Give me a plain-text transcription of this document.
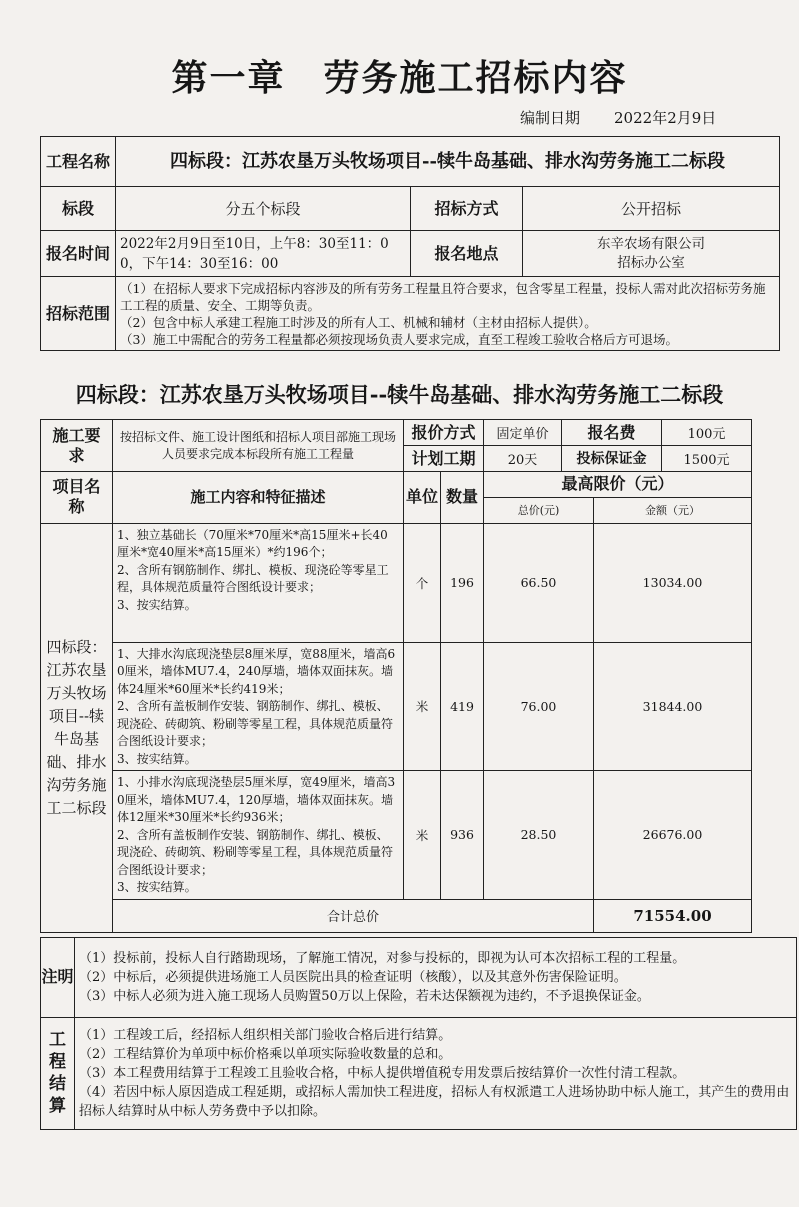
第一章　劳务施工招标内容
编制日期 2022年2月9日
工程名称	四标段：江苏农垦万头牧场项目--犊牛岛基础、排水沟劳务施工二标段		
标段	分五个标段	招标方式	公开招标
报名时间	2022年2月9日至10日，上午8：30至11：00，下午14：30至16：00	报名地点	东辛农场有限公司
招标办公室

招标范围	（1）在招标人要求下完成招标内容涉及的所有劳务工程量且符合要求，包含零星工程量，投标人需对此次招标劳务施工工程的质量、安全、工期等负责。
（2）包含中标人承建工程施工时涉及的所有人工、机械和辅材（主材由招标人提供）。
（3）施工中需配合的劳务工程量都必须按现场负责人要求完成，直至工程竣工验收合格后方可退场。		
四标段：江苏农垦万头牧场项目--犊牛岛基础、排水沟劳务施工二标段
施工要求	按招标文件、施工设计图纸和招标人项目部施工现场人员要求完成本标段所有施工工程量	报价方式	固定单价	报名费	100元
		计划工期	20天	投标保证金	1500元
项目名称	施工内容和特征描述	单位	数量	最高限价（元）	
				总价(元)	金额（元）
四标段：江苏农垦万头牧场项目--犊牛岛基础、排水沟劳务施工二标段	1、独立基础长（70厘米*70厘米*高15厘米+长40厘米*宽40厘米*高15厘米）*约196个；
2、含所有钢筋制作、绑扎、模板、现浇砼等零星工程，具体规范质量符合图纸设计要求；
3、按实结算。	个	196	66.50	13034.00

	1、大排水沟底现浇垫层8厘米厚，宽88厘米，墙高60厘米，墙体MU7.4，240厚墙，墙体双面抹灰。墙体24厘米*60厘米*长约419米；
2、含所有盖板制作安装、钢筋制作、绑扎、模板、现浇砼、砖砌筑、粉刷等零星工程，具体规范质量符合图纸设计要求；
3、按实结算。	米	419	76.00	31844.00

	1、小排水沟底现浇垫层5厘米厚，宽49厘米，墙高30厘米，墙体MU7.4，120厚墙，墙体双面抹灰。墙体12厘米*30厘米*长约936米；
2、含所有盖板制作安装、钢筋制作、绑扎、模板、现浇砼、砖砌筑、粉刷等零星工程，具体规范质量符合图纸设计要求；
3、按实结算。	米	936	28.50	26676.00
	合计总价				71554.00
注明	（1）投标前，投标人自行踏勘现场，了解施工情况，对参与投标的，即视为认可本次招标工程的工程量。
（2）中标后，必须提供进场施工人员医院出具的检查证明（核酸），以及其意外伤害保险证明。
（3）中标人必须为进入施工现场人员购置50万以上保险，若未达保额视为违约，不予退换保证金。

工程结算	（1）工程竣工后，经招标人组织相关部门验收合格后进行结算。
（2）工程结算价为单项中标价格乘以单项实际验收数量的总和。
（3）本工程费用结算于工程竣工且验收合格，中标人提供增值税专用发票后按结算价一次性付清工程款。
（4）若因中标人原因造成工程延期，或招标人需加快工程进度，招标人有权派遣工人进场协助中标人施工，其产生的费用由招标人结算时从中标人劳务费中予以扣除。
